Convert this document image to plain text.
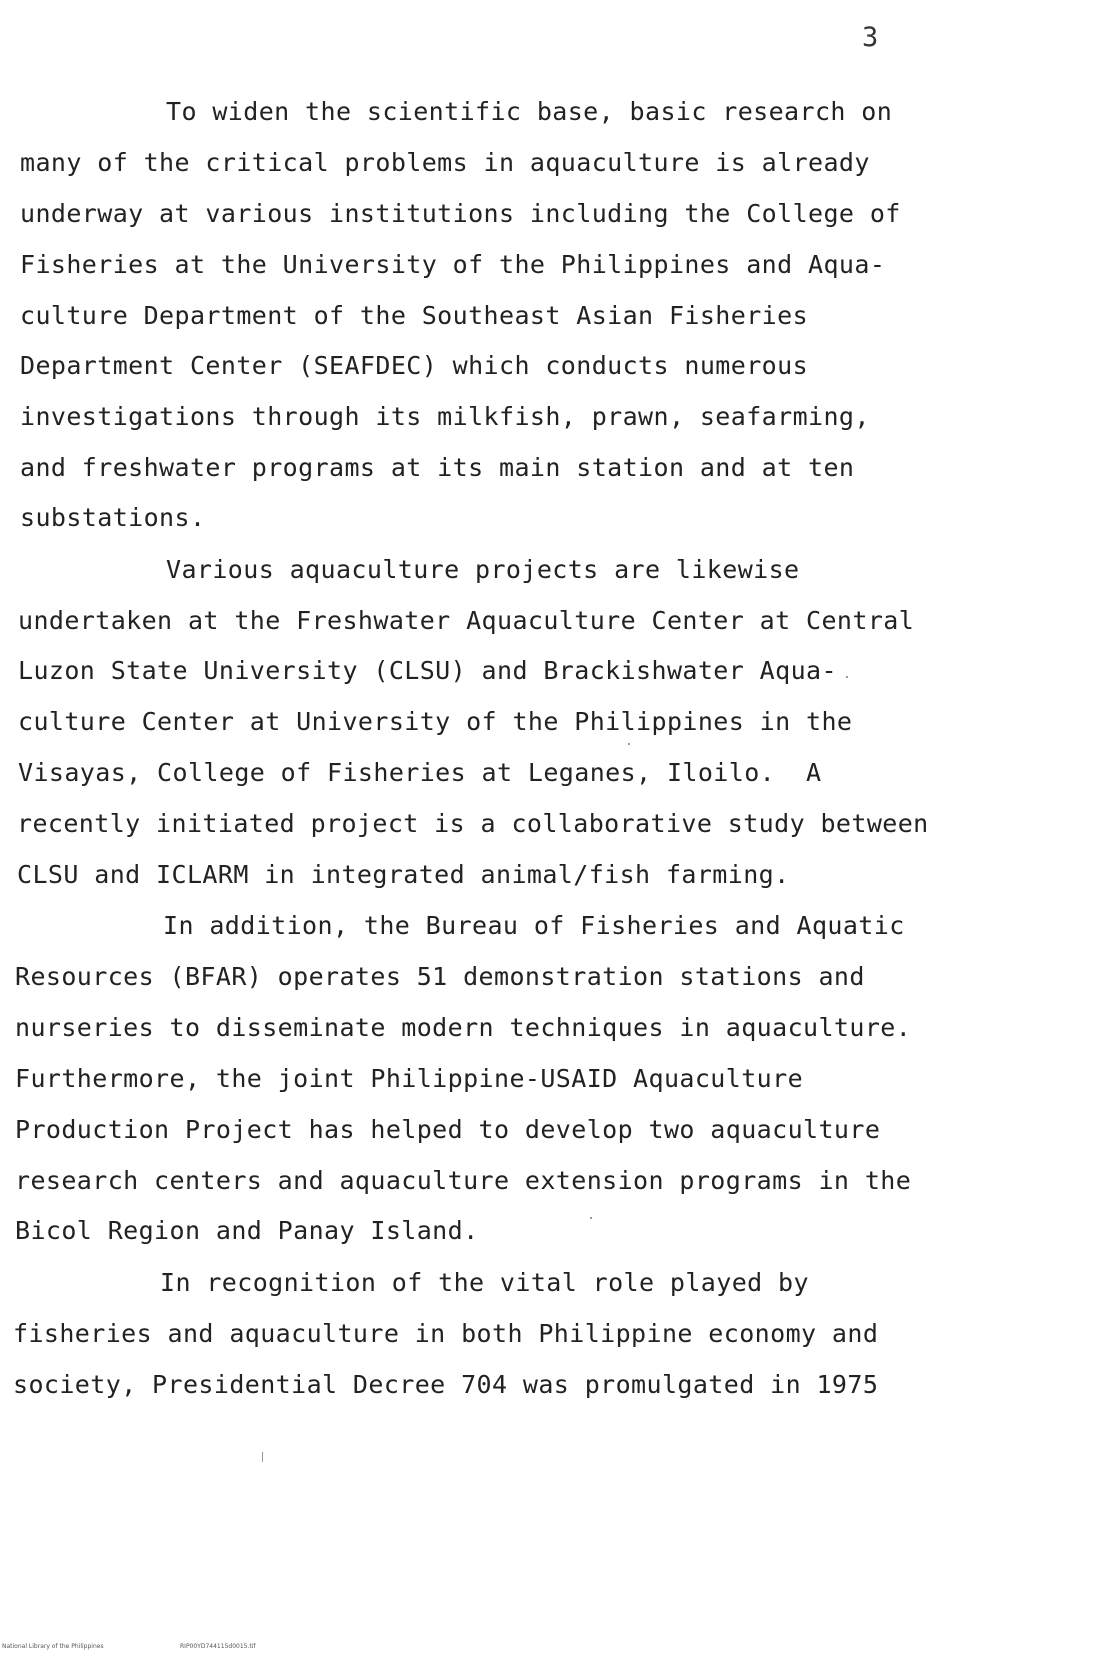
3
To widen the scientific base, basic research on
many of the critical problems in aquaculture is already
underway at various institutions including the College of
Fisheries at the University of the Philippines and Aqua-
culture Department of the Southeast Asian Fisheries
Department Center (SEAFDEC) which conducts numerous
investigations through its milkfish, prawn, seafarming,
and freshwater programs at its main station and at ten
substations.
Various aquaculture projects are likewise
undertaken at the Freshwater Aquaculture Center at Central
Luzon State University (CLSU) and Brackishwater Aqua-
culture Center at University of the Philippines in the
Visayas, College of Fisheries at Leganes, Iloilo.  A
recently initiated project is a collaborative study between
CLSU and ICLARM in integrated animal/fish farming.
In addition, the Bureau of Fisheries and Aquatic
Resources (BFAR) operates 51 demonstration stations and
nurseries to disseminate modern techniques in aquaculture.
Furthermore, the joint Philippine-USAID Aquaculture
Production Project has helped to develop two aquaculture
research centers and aquaculture extension programs in the
Bicol Region and Panay Island.
In recognition of the vital role played by
fisheries and aquaculture in both Philippine economy and
society, Presidential Decree 704 was promulgated in 1975
National Library of the Philippines	RIP00YD744115d0015.tif
